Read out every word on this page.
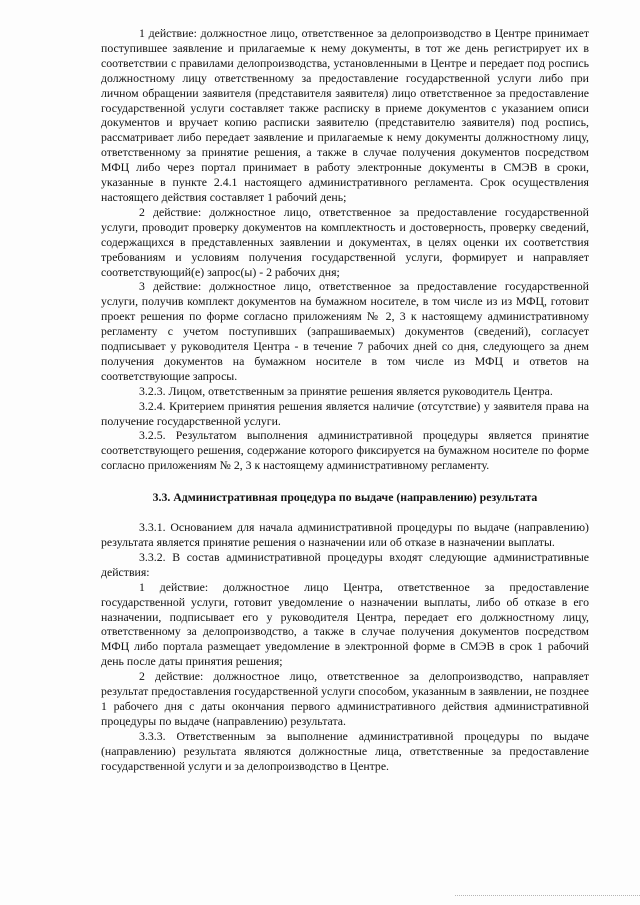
1 действие: должностное лицо, ответственное за делопроизводство в Центре принимает поступившее заявление и прилагаемые к нему документы, в тот же день регистрирует их в соответствии с правилами делопроизводства, установленными в Центре и передает под роспись должностному лицу ответственному за предоставление государственной услуги либо при личном обращении заявителя (представителя заявителя) лицо ответственное за предоставление государственной услуги составляет также расписку в приеме документов с указанием описи документов и вручает копию расписки заявителю (представителю заявителя) под роспись, рассматривает либо передает заявление и прилагаемые к нему документы должностному лицу, ответственному за принятие решения, а также в случае получения документов посредством МФЦ либо через портал принимает в работу электронные документы в СМЭВ в сроки, указанные в пункте 2.4.1 настоящего административного регламента. Срок осуществления настоящего действия составляет 1 рабочий день;

2 действие: должностное лицо, ответственное за предоставление государственной услуги, проводит проверку документов на комплектность и достоверность, проверку сведений, содержащихся в представленных заявлении и документах, в целях оценки их соответствия требованиям и условиям получения государственной услуги, формирует и направляет соответствующий(е) запрос(ы) - 2 рабочих дня;

3 действие: должностное лицо, ответственное за предоставление государственной услуги, получив комплект документов на бумажном носителе, в том числе из из МФЦ, готовит проект решения по форме согласно приложениям № 2, 3 к настоящему административному регламенту с учетом поступивших (запрашиваемых) документов (сведений), согласует подписывает у руководителя Центра - в течение 7 рабочих дней со дня, следующего за днем получения документов на бумажном носителе в том числе из МФЦ и ответов на соответствующие запросы.

3.2.3. Лицом, ответственным за принятие решения является руководитель Центра.

3.2.4. Критерием принятия решения является наличие (отсутствие) у заявителя права на получение государственной услуги.

3.2.5. Результатом выполнения административной процедуры является принятие соответствующего решения, содержание которого фиксируется на бумажном носителе по форме согласно приложениям № 2, 3 к настоящему административному регламенту.

3.3. Административная процедура по выдаче (направлению) результата

3.3.1. Основанием для начала административной процедуры по выдаче (направлению) результата является принятие решения о назначении или об отказе в назначении выплаты.

3.3.2. В состав административной процедуры входят следующие административные действия:

1 действие: должностное лицо Центра, ответственное за предоставление государственной услуги, готовит уведомление о назначении выплаты, либо об отказе в его назначении, подписывает его у руководителя Центра, передает его должностному лицу, ответственному за делопроизводство, а также в случае получения документов посредством МФЦ либо портала размещает уведомление в электронной форме в СМЭВ в срок 1 рабочий день после даты принятия решения;

2 действие: должностное лицо, ответственное за делопроизводство, направляет результат предоставления государственной услуги способом, указанным в заявлении, не позднее 1 рабочего дня с даты окончания первого административного действия административной процедуры по выдаче (направлению) результата.

3.3.3. Ответственным за выполнение административной процедуры по выдаче (направлению) результата являются должностные лица, ответственные за предоставление государственной услуги и за делопроизводство в Центре.
